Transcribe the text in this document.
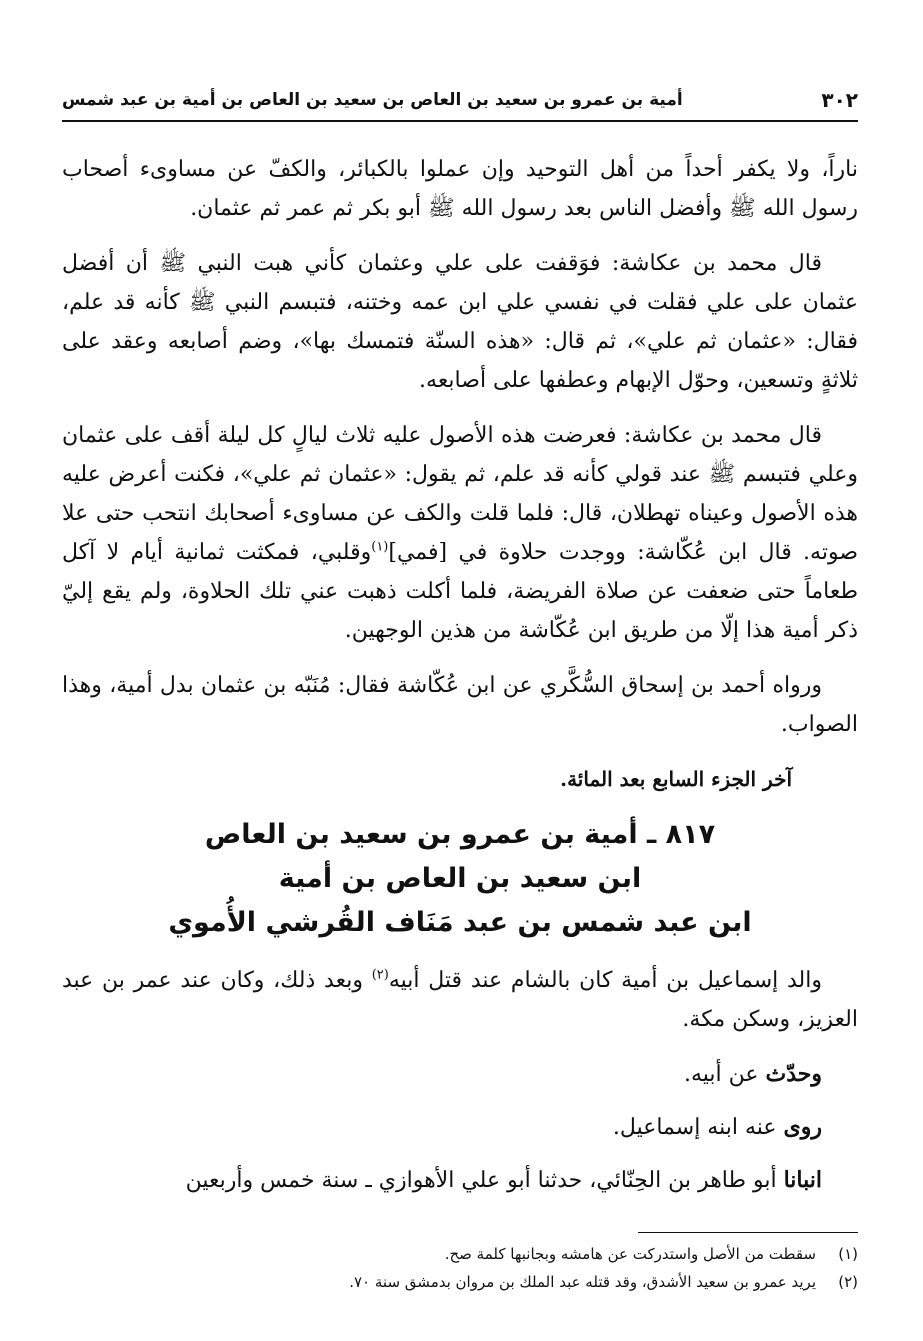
٣٠٢
أمية بن عمرو بن سعيد بن العاص بن سعيد بن العاص بن أمية بن عبد شمس

ناراً، ولا يكفر أحداً من أهل التوحيد وإن عملوا بالكبائر، والكفّ عن مساوىء أصحاب رسول الله ﷺ وأفضل الناس بعد رسول الله ﷺ أبو بكر ثم عمر ثم عثمان.

قال محمد بن عكاشة: فوَقفت على علي وعثمان كأني هبت النبي ﷺ أن أفضل عثمان على علي فقلت في نفسي علي ابن عمه وختنه، فتبسم النبي ﷺ كأنه قد علم، فقال: «عثمان ثم علي»، ثم قال: «هذه السنّة فتمسك بها»، وضم أصابعه وعقد على ثلاثةٍ وتسعين، وحوّل الإبهام وعطفها على أصابعه.

قال محمد بن عكاشة: فعرضت هذه الأصول عليه ثلاث ليالٍ كل ليلة أقف على عثمان وعلي فتبسم ﷺ عند قولي كأنه قد علم، ثم يقول: «عثمان ثم علي»، فكنت أعرض عليه هذه الأصول وعيناه تهطلان، قال: فلما قلت والكف عن مساوىء أصحابك انتحب حتى علا صوته. قال ابن عُكّاشة: ووجدت حلاوة في [فمي]$^{(١)}$وقلبي، فمكثت ثمانية أيام لا آكل طعاماً حتى ضعفت عن صلاة الفريضة، فلما أكلت ذهبت عني تلك الحلاوة، ولم يقع إليّ ذكر أمية هذا إلّا من طريق ابن عُكّاشة من هذين الوجهين.

ورواه أحمد بن إسحاق السُّكَّري عن ابن عُكّاشة فقال: مُنَبّه بن عثمان بدل أمية، وهذا الصواب.

آخر الجزء السابع بعد المائة.
٨١٧ ـ أمية بن عمرو بن سعيد بن العاص
ابن سعيد بن العاص بن أمية
ابن عبد شمس بن عبد مَنَاف القُرشي الأُموي

والد إسماعيل بن أمية كان بالشام عند قتل أبيه$^{(٢)}$ وبعد ذلك، وكان عند عمر بن عبد العزيز، وسكن مكة.

وحدّث عن أبيه.
روى عنه ابنه إسماعيل.
انبانا أبو طاهر بن الحِنّائي، حدثنا أبو علي الأهوازي ـ سنة خمس وأربعين
(١)
سقطت من الأصل واستدركت عن هامشه وبجانبها كلمة صح.
(٢)
يريد عمرو بن سعيد الأشدق، وقد قتله عبد الملك بن مروان بدمشق سنة ٧٠.
